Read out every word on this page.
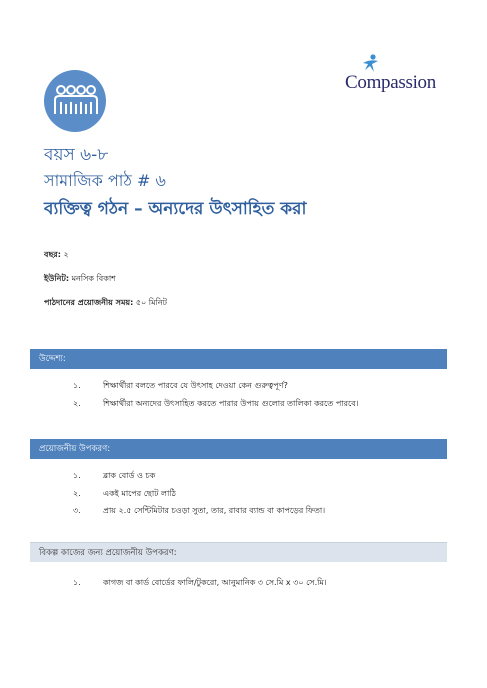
Compassion
বয়স ৬-৮
সামাজিক পাঠ # ৬
ব্যক্তিত্ব গঠন – অন্যদের উৎসাহিত করা
বছর: ২
ইউনিট: মনসিক বিকাশ
পাঠদানের প্রয়োজনীয় সময়: ৫০ মিনিট
উদ্দেশ্য:
১.	শিক্ষার্থীরা বলতে পারবে যে উৎসাহ দেওয়া কেন গুরুত্বপূর্ণ?
২.	শিক্ষার্থীরা অন্যদের উৎসাহিত করতে পারার উপায় গুলোর তালিকা করতে পারবে।
প্রয়োজনীয় উপকরণ:
১.	ব্লাক বোর্ড ও চক
২.	একই মাপের ছোট লাঠি
৩.	প্রায় ২.৫ সেন্টিমিটার চওড়া সুতা, তার, রাবার ব্যান্ড বা কাপড়ের ফিতা।
বিকল্প কাজের জন্য প্রয়োজনীয় উপকরণ:
১.	কাগজ বা কার্ড বোর্ডের ফালি/টুকরো, আনুমানিক ৩ সে.মি x ৩০ সে.মি।
